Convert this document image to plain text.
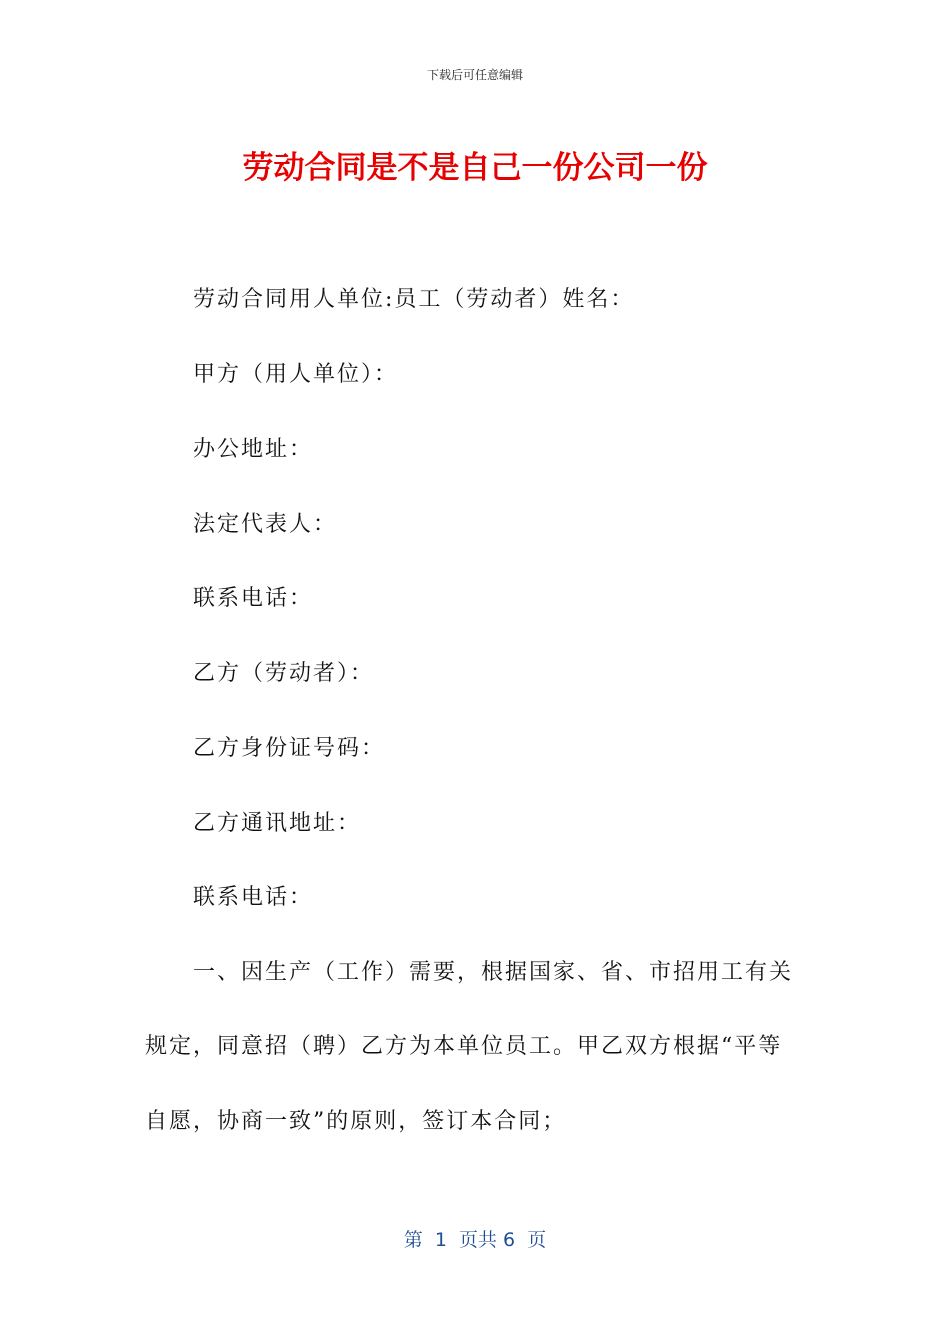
下载后可任意编辑
劳动合同是不是自己一份公司一份
劳动合同用人单位:员工（劳动者）姓名：
甲方（用人单位）：
办公地址：
法定代表人：
联系电话：
乙方（劳动者）：
乙方身份证号码：
乙方通讯地址：
联系电话：
一、因生产（工作）需要，根据国家、省、市招用工有关
规定，同意招（聘）乙方为本单位员工。甲乙双方根据“平等
自愿，协商一致”的原则，签订本合同；
第  1  页共 6  页
